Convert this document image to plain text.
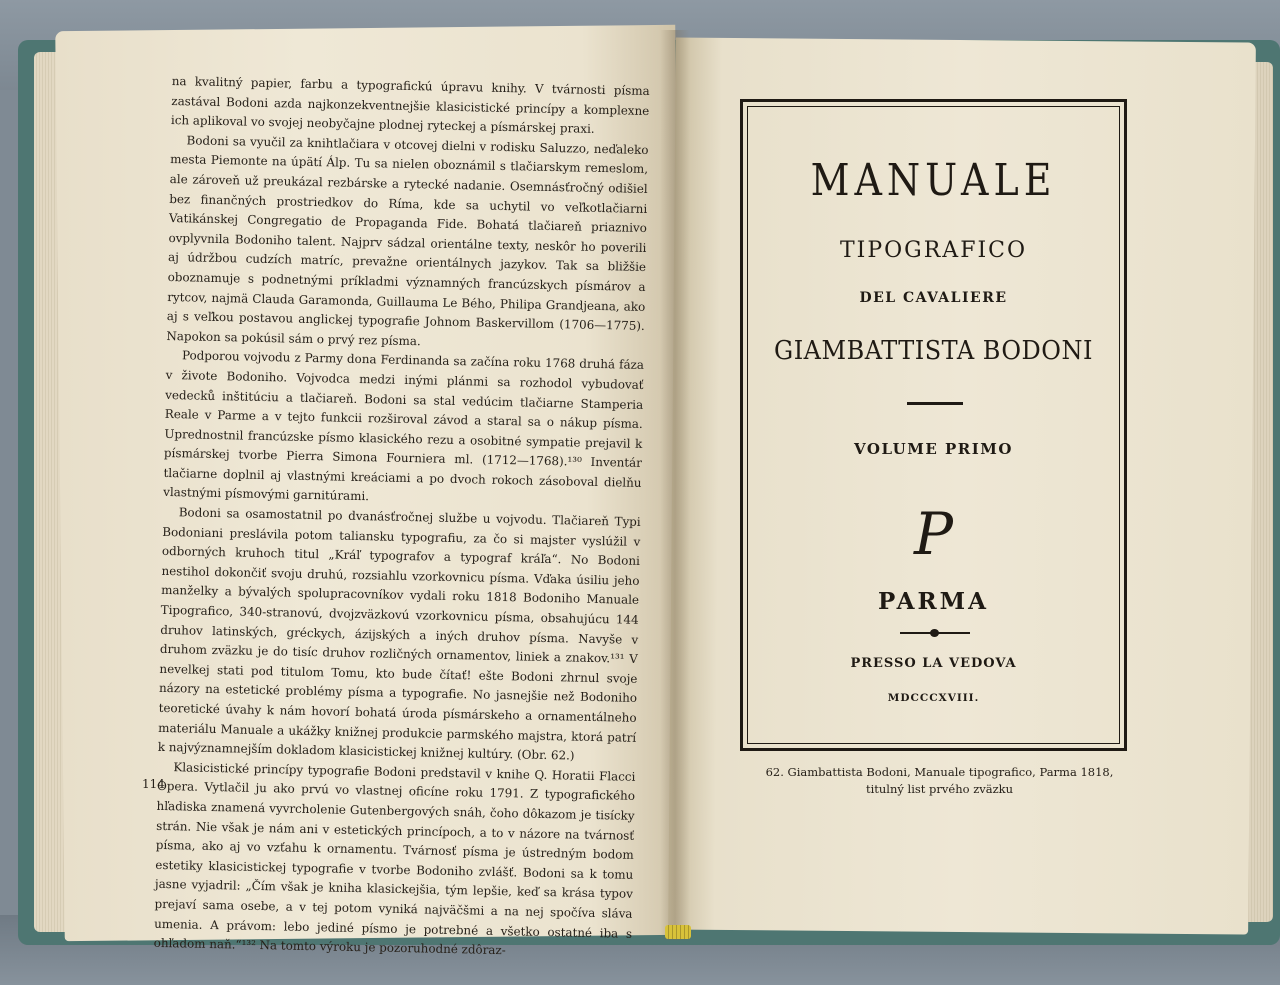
na kvalitný papier, farbu a typografickú úpravu knihy. V tvárnosti písma zastával Bodoni azda najkonzekventnejšie klasicistické princípy a komplexne ich aplikoval vo svojej neobyčajne plodnej ryteckej a písmárskej praxi.

Bodoni sa vyučil za knihtlačiara v otcovej dielni v rodisku Saluzzo, neďaleko mesta Piemonte na úpätí Álp. Tu sa nielen oboznámil s tlačiarskym remeslom, ale zároveň už preukázal rezbárske a rytecké nadanie. Osemnásťročný odišiel bez finančných prostriedkov do Ríma, kde sa uchytil vo veľkotlačiarni Vatikánskej Congregatio de Propaganda Fide. Bohatá tlačiareň priaznivo ovplyvnila Bodoniho talent. Najprv sádzal orientálne texty, neskôr ho poverili aj údržbou cudzích matríc, prevažne orientálnych jazykov. Tak sa bližšie oboznamuje s podnetnými príkladmi významných francúzskych písmárov a rytcov, najmä Clauda Garamonda, Guillauma Le Bého, Philipa Grandjeana, ako aj s veľkou postavou anglickej typografie Johnom Baskervillom (1706—1775). Napokon sa pokúsil sám o prvý rez písma.

Podporou vojvodu z Parmy dona Ferdinanda sa začína roku 1768 druhá fáza v živote Bodoniho. Vojvodca medzi inými plánmi sa rozhodol vybudovať vedecků inštitúciu a tlačiareň. Bodoni sa stal vedúcim tlačiarne Stamperia Reale v Parme a v tejto funkcii rozširoval závod a staral sa o nákup písma. Uprednostnil francúzske písmo klasického rezu a osobitné sympatie prejavil k písmárskej tvorbe Pierra Simona Fourniera ml. (1712—1768).¹³⁰ Inventár tlačiarne doplnil aj vlastnými kreáciami a po dvoch rokoch zásoboval dielňu vlastnými písmovými garnitúrami.

Bodoni sa osamostatnil po dvanásťročnej službe u vojvodu. Tlačiareň Typi Bodoniani preslávila potom taliansku typografiu, za čo si majster vyslúžil v odborných kruhoch titul „Kráľ typografov a typograf kráľa“. No Bodoni nestihol dokončiť svoju druhú, rozsiahlu vzorkovnicu písma. Vďaka úsiliu jeho manželky a bývalých spolupracovníkov vydali roku 1818 Bodoniho Manuale Tipografico, 340-stranovú, dvojzväzkovú vzorkovnicu písma, obsahujúcu 144 druhov latinských, gréckych, ázijských a iných druhov písma. Navyše v druhom zväzku je do tisíc druhov rozličných ornamentov, liniek a znakov.¹³¹ V nevelkej stati pod titulom Tomu, kto bude čítať! ešte Bodoni zhrnul svoje názory na estetické problémy písma a typografie. No jasnejšie než Bodoniho teoretické úvahy k nám hovorí bohatá úroda písmárskeho a ornamentálneho materiálu Manuale a ukážky knižnej produkcie parmského majstra, ktorá patrí k najvýznamnejším dokladom klasicistickej knižnej kultúry. (Obr. 62.)

Klasicistické princípy typografie Bodoni predstavil v knihe Q. Horatii Flacci Opera. Vytlačil ju ako prvú vo vlastnej oficíne roku 1791. Z typografického hľadiska znamená vyvrcholenie Gutenbergových snáh, čoho dôkazom je tisícky strán. Nie však je nám ani v estetických princípoch, a to v názore na tvárnosť písma, ako aj vo vzťahu k ornamentu. Tvárnosť písma je ústredným bodom estetiky klasicistickej typografie v tvorbe Bodoniho zvlášť. Bodoni sa k tomu jasne vyjadril: „Čím však je kniha klasickejšia, tým lepšie, keď sa krása typov prejaví sama osebe, a v tej potom vyniká najväčšmi a na nej spočíva sláva umenia. A právom: lebo jediné písmo je potrebné a všetko ostatné iba s ohľadom naň.“¹³² Na tomto výroku je pozoruhodné zdôraz-

114
MANUALE
TIPOGRAFICO
DEL CAVALIERE
GIAMBATTISTA BODONI
VOLUME PRIMO
P
PARMA
PRESSO LA VEDOVA
MDCCCXVIII.
62. Giambattista Bodoni, Manuale tipografico, Parma 1818,
titulný list prvého zväzku
